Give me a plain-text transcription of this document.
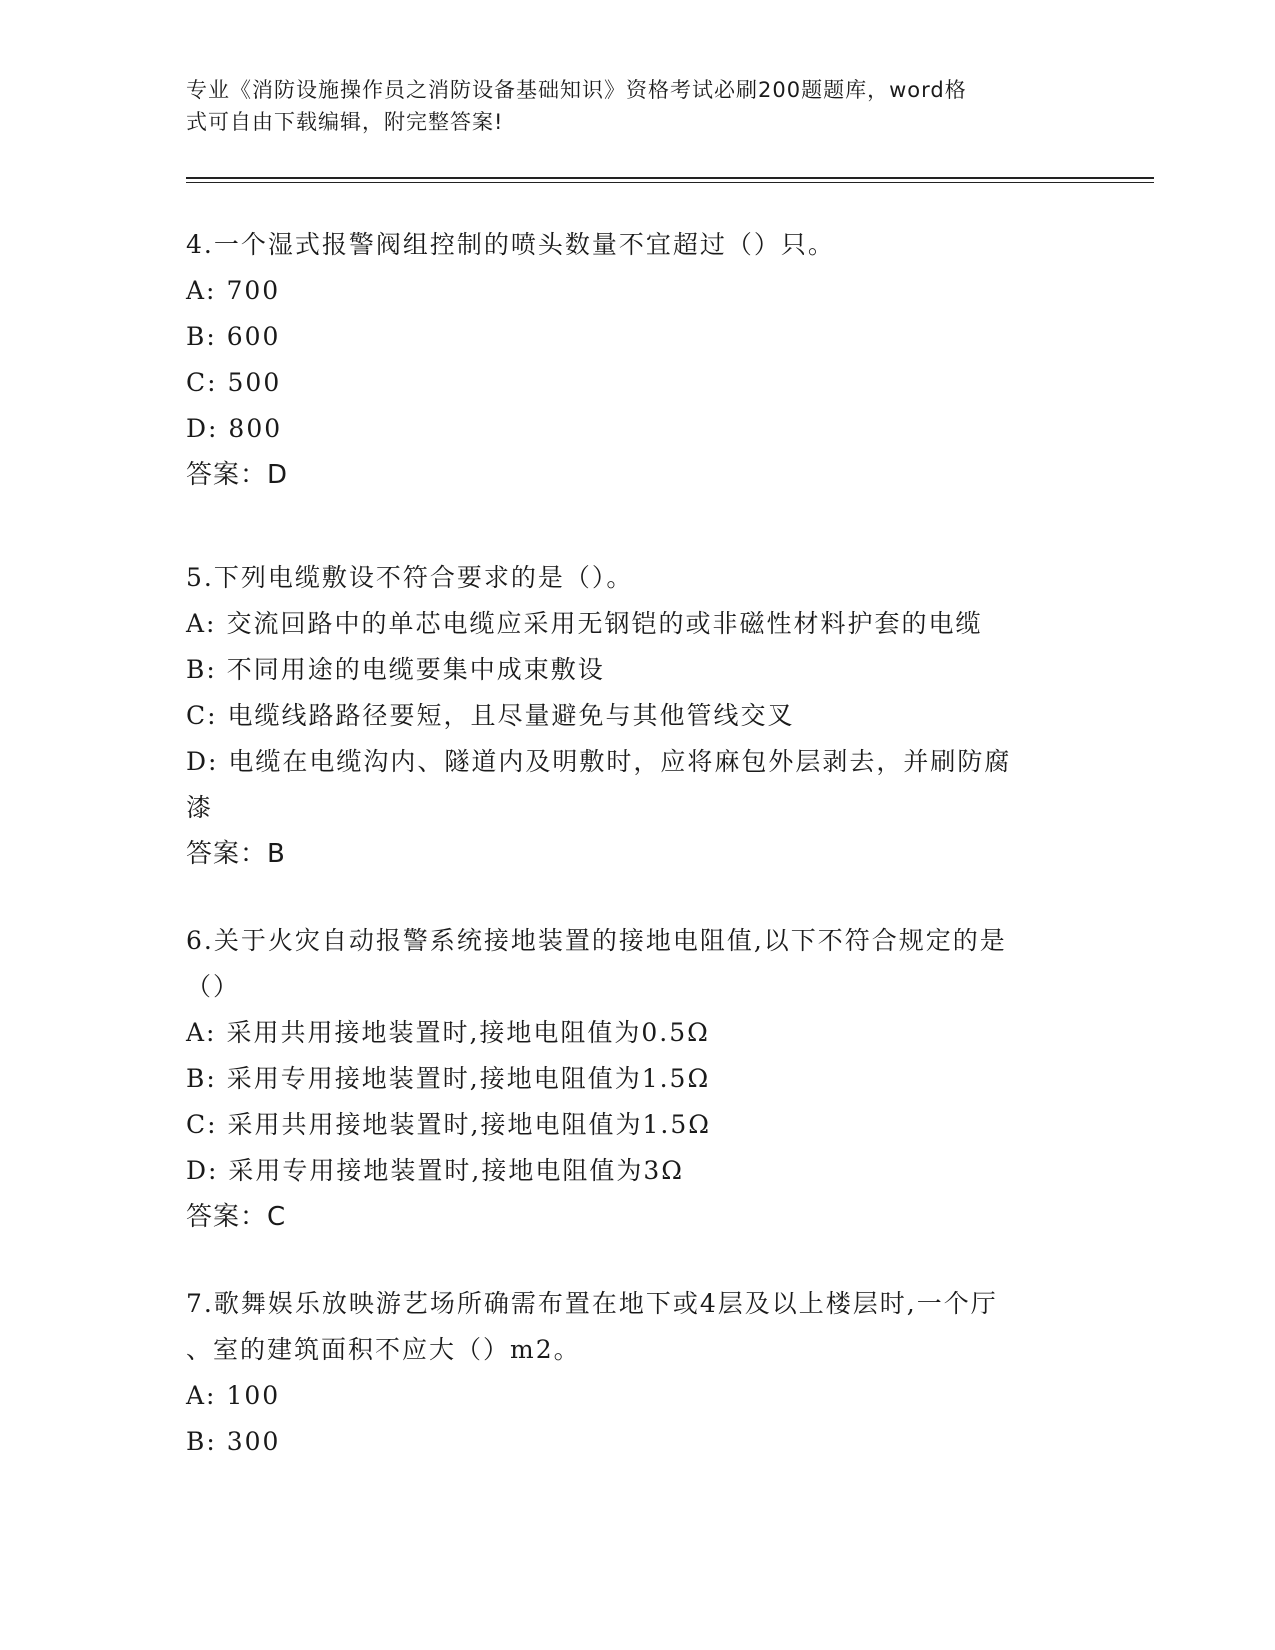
专业《消防设施操作员之消防设备基础知识》资格考试必刷200题题库，word格
式可自由下载编辑，附完整答案!
4.一个湿式报警阀组控制的喷头数量不宜超过（）只。
A: 700
B: 600
C: 500
D: 800
答案：D
5.下列电缆敷设不符合要求的是（）。
A: 交流回路中的单芯电缆应采用无钢铠的或非磁性材料护套的电缆
B: 不同用途的电缆要集中成束敷设
C: 电缆线路路径要短，且尽量避免与其他管线交叉
D: 电缆在电缆沟内、隧道内及明敷时，应将麻包外层剥去，并刷防腐
漆
答案：B
6.关于火灾自动报警系统接地装置的接地电阻值,以下不符合规定的是
（）
A: 采用共用接地装置时,接地电阻值为0.5Ω
B: 采用专用接地装置时,接地电阻值为1.5Ω
C: 采用共用接地装置时,接地电阻值为1.5Ω
D: 采用专用接地装置时,接地电阻值为3Ω
答案：C
7.歌舞娱乐放映游艺场所确需布置在地下或4层及以上楼层时,一个厅
、室的建筑面积不应大（）m2。
A: 100
B: 300
